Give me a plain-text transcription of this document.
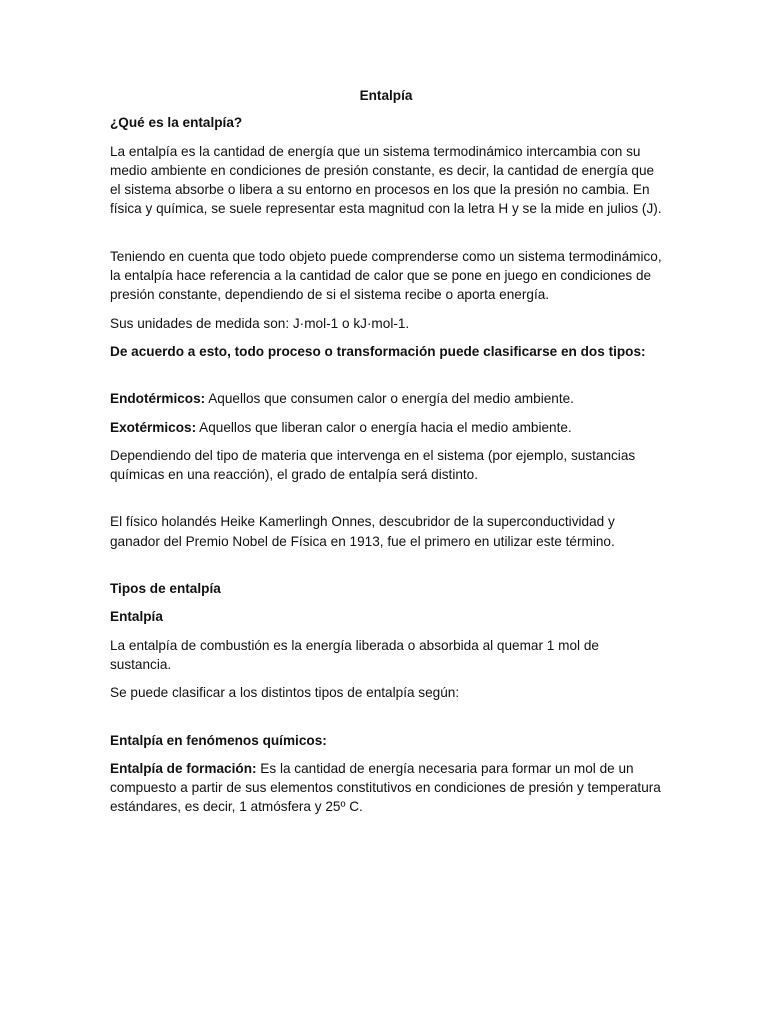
Entalpía

¿Qué es la entalpía?

La entalpía es la cantidad de energía que un sistema termodinámico intercambia con su medio ambiente en condiciones de presión constante, es decir, la cantidad de energía que el sistema absorbe o libera a su entorno en procesos en los que la presión no cambia. En física y química, se suele representar esta magnitud con la letra H y se la mide en julios (J).

Teniendo en cuenta que todo objeto puede comprenderse como un sistema termodinámico, la entalpía hace referencia a la cantidad de calor que se pone en juego en condiciones de presión constante, dependiendo de si el sistema recibe o aporta energía.

Sus unidades de medida son: J·mol-1 o kJ·mol-1.

De acuerdo a esto, todo proceso o transformación puede clasificarse en dos tipos:

Endotérmicos: Aquellos que consumen calor o energía del medio ambiente.

Exotérmicos: Aquellos que liberan calor o energía hacia el medio ambiente.

Dependiendo del tipo de materia que intervenga en el sistema (por ejemplo, sustancias químicas en una reacción), el grado de entalpía será distinto.

El físico holandés Heike Kamerlingh Onnes, descubridor de la superconductividad y ganador del Premio Nobel de Física en 1913, fue el primero en utilizar este término.

Tipos de entalpía

Entalpía

La entalpía de combustión es la energía liberada o absorbida al quemar 1 mol de sustancia.

Se puede clasificar a los distintos tipos de entalpía según:

Entalpía en fenómenos químicos:

Entalpía de formación: Es la cantidad de energía necesaria para formar un mol de un compuesto a partir de sus elementos constitutivos en condiciones de presión y temperatura estándares, es decir, 1 atmósfera y 25º C.
